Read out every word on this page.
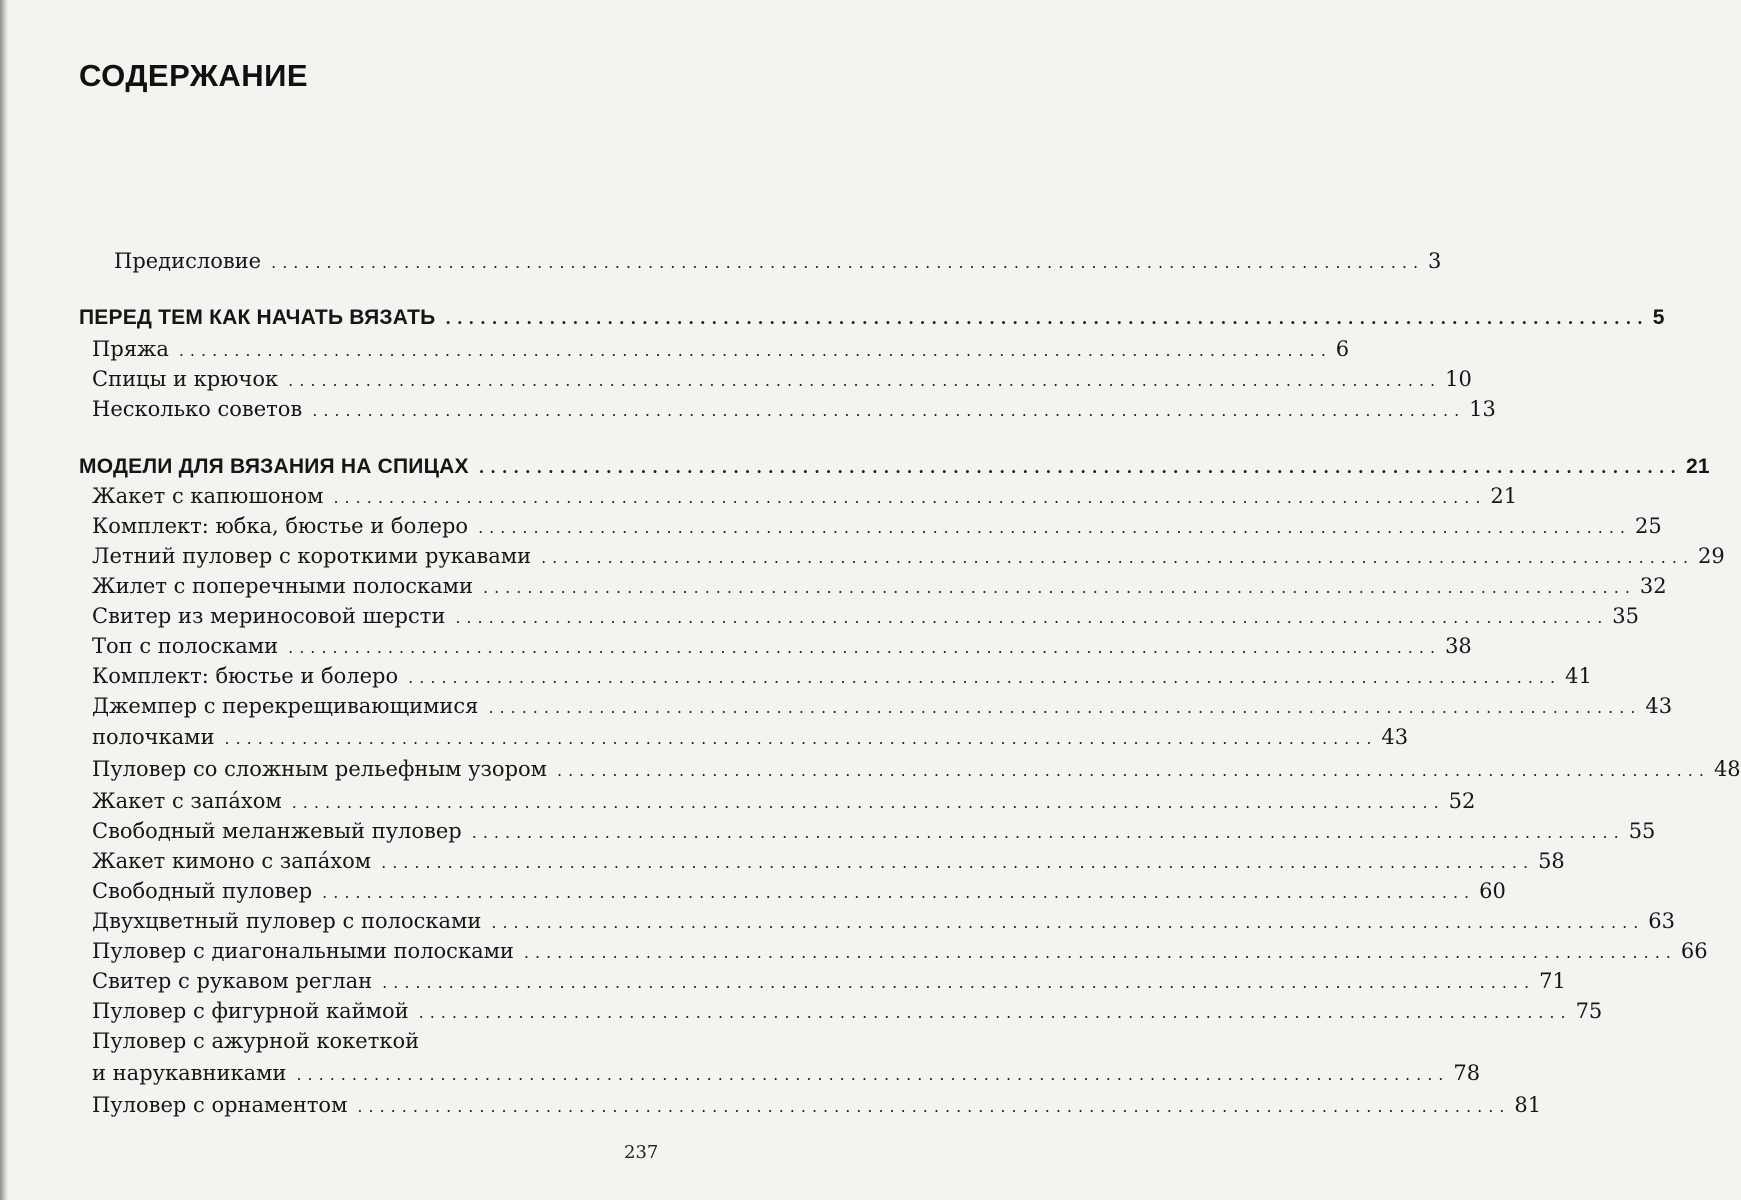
СОДЕРЖАНИЕ
Предисловие ........................................................................................................ 3
ПЕРЕД ТЕМ КАК НАЧАТЬ ВЯЗАТЬ ........................................................................................................ 5
Пряжа ........................................................................................................ 6
Спицы и крючок ........................................................................................................ 10
Несколько советов ........................................................................................................ 13
МОДЕЛИ ДЛЯ ВЯЗАНИЯ НА СПИЦАХ ........................................................................................................ 21
Жакет с капюшоном ........................................................................................................ 21
Комплект: юбка, бюстье и болеро ........................................................................................................ 25
Летний пуловер с короткими рукавами ........................................................................................................ 29
Жилет с поперечными полосками ........................................................................................................ 32
Свитер из мериносовой шерсти ........................................................................................................ 35
Топ с полосками ........................................................................................................ 38
Комплект: бюстье и болеро ........................................................................................................ 41
Джемпер с перекрещивающимися ........................................................................................................ 43
полочками ........................................................................................................ 43
Пуловер со сложным рельефным узором ........................................................................................................ 48
Жакет с запáхом ........................................................................................................ 52
Свободный меланжевый пуловер ........................................................................................................ 55
Жакет кимоно с запáхом ........................................................................................................ 58
Свободный пуловер ........................................................................................................ 60
Двухцветный пуловер с полосками ........................................................................................................ 63
Пуловер с диагональными полосками ........................................................................................................ 66
Свитер с рукавом реглан ........................................................................................................ 71
Пуловер с фигурной каймой ........................................................................................................ 75
Пуловер с ажурной кокеткой
и нарукавниками ........................................................................................................ 78
Пуловер с орнаментом ........................................................................................................ 81
237
